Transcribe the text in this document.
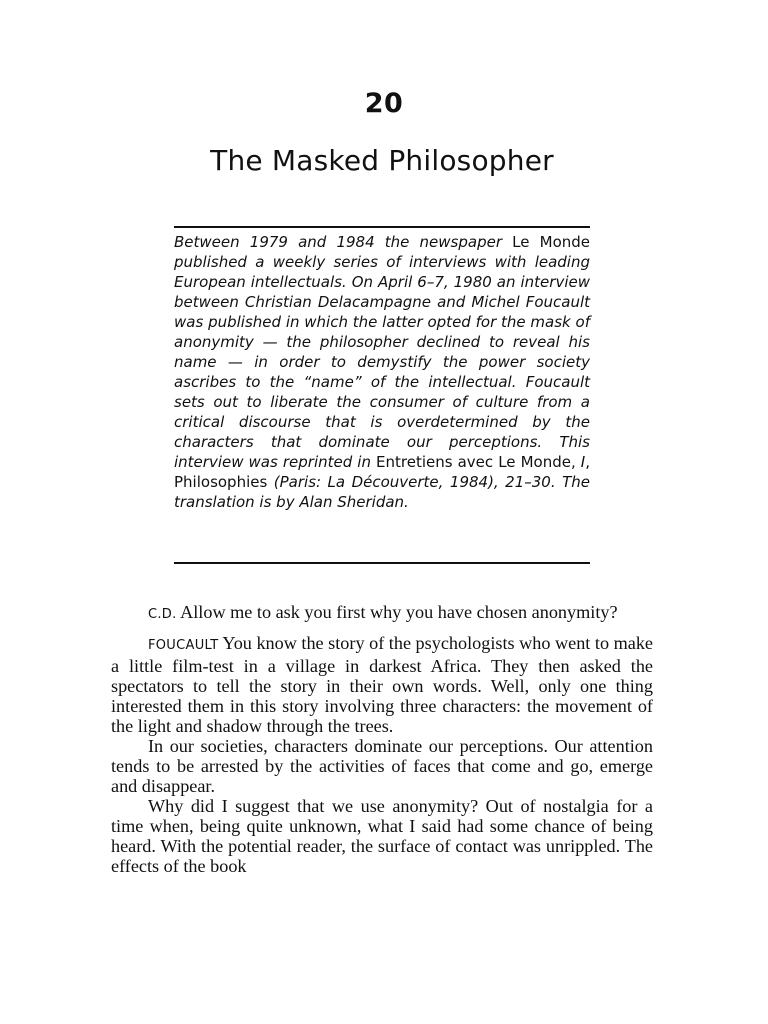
20
The Masked Philosopher
Between 1979 and 1984 the newspaper Le Monde published a weekly series of interviews with leading European intellectuals. On April 6–7, 1980 an interview between Christian Delacampagne and Michel Foucault was published in which the latter opted for the mask of anonymity — the philosopher declined to reveal his name — in order to demystify the power society ascribes to the “name” of the intellectual. Foucault sets out to liberate the consumer of culture from a critical discourse that is overdetermined by the characters that dominate our perceptions. This interview was reprinted in Entretiens avec Le Monde, I, Philosophies (Paris: La Découverte, 1984), 21–30. The translation is by Alan Sheridan.

C.D. Allow me to ask you first why you have chosen anonymity?

FOUCAULT You know the story of the psychologists who went to make a little film-test in a village in darkest Africa. They then asked the spectators to tell the story in their own words. Well, only one thing interested them in this story involving three characters: the movement of the light and shadow through the trees.

In our societies, characters dominate our perceptions. Our attention tends to be arrested by the activities of faces that come and go, emerge and disappear.

Why did I suggest that we use anonymity? Out of nostalgia for a time when, being quite unknown, what I said had some chance of being heard. With the potential reader, the surface of contact was unrippled. The effects of the book
